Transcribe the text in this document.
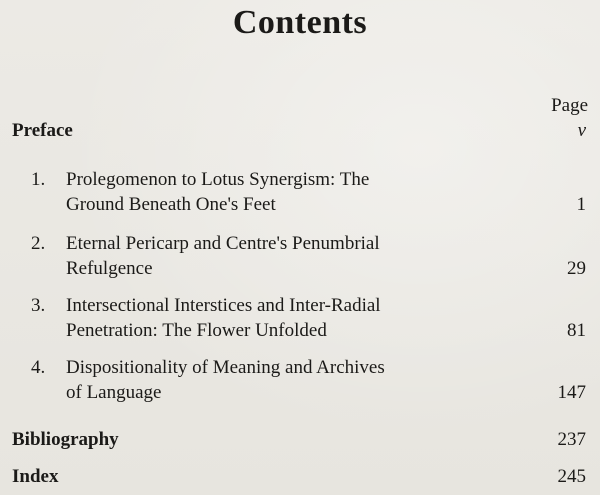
Contents
Page
Preface	v
1. Prolegomenon to Lotus Synergism: The
Ground Beneath One's Feet	1
2. Eternal Pericarp and Centre's Penumbrial
Refulgence	29
3. Intersectional Interstices and Inter-Radial
Penetration: The Flower Unfolded	81
4. Dispositionality of Meaning and Archives
of Language	147
Bibliography	237
Index	245
